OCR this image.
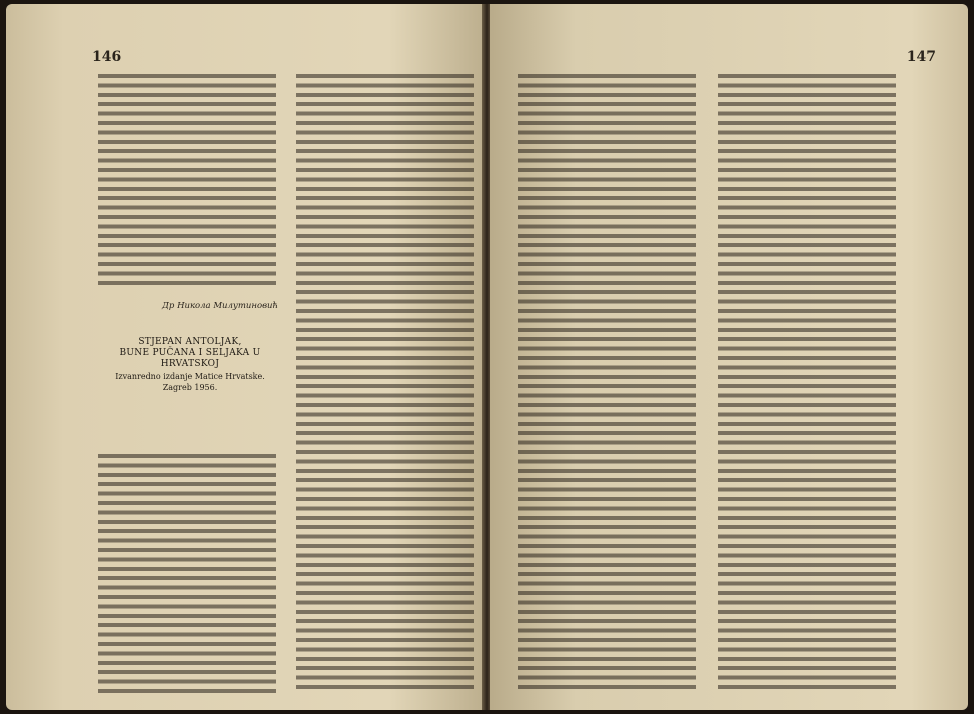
146
Др Никола Милутиновић
STJEPAN ANTOLJAK,
BUNE PUČANA I SELJAKA U HRVATSKOJ
Izvanredno izdanje Matice Hrvatske. Zagreb 1956.
147
